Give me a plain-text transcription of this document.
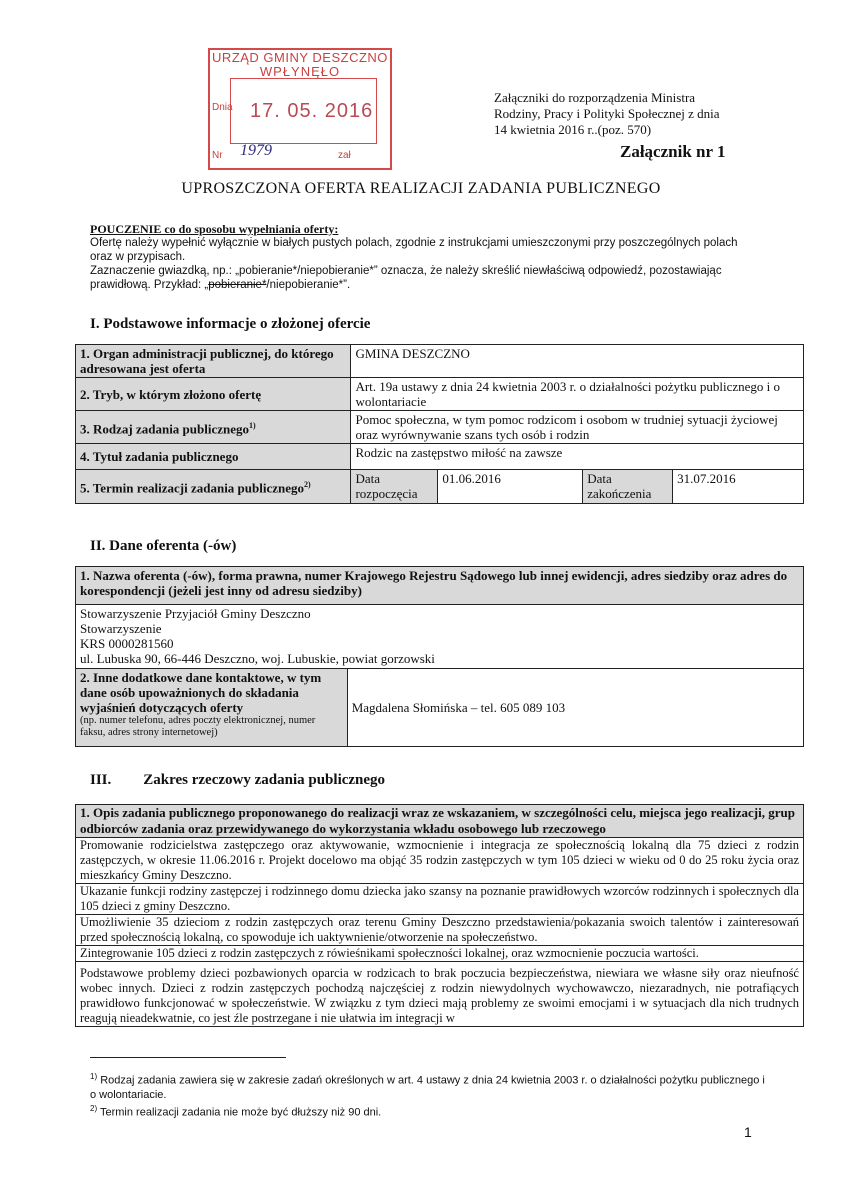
URZĄD GMINY DESZCZNO
WPŁYNĘŁO
Dnia 17. 05. 2016
Nr 1979	zał
Załączniki do rozporządzenia Ministra Rodziny, Pracy i Polityki Społecznej z dnia 14 kwietnia 2016 r..(poz. 570)
Załącznik nr 1
UPROSZCZONA OFERTA REALIZACJI ZADANIA PUBLICZNEGO
POUCZENIE co do sposobu wypełniania oferty:
Ofertę należy wypełnić wyłącznie w białych pustych polach, zgodnie z instrukcjami umieszczonymi przy poszczególnych polach oraz w przypisach.
Zaznaczenie gwiazdką, np.: „pobieranie*/niepobieranie*” oznacza, że należy skreślić niewłaściwą odpowiedź, pozostawiając prawidłową. Przykład: „pobieranie*/niepobieranie*”.
I. Podstawowe informacje o złożonej ofercie
1. Organ administracji publicznej, do którego adresowana jest oferta	GMINA DESZCZNO			
2. Tryb, w którym złożono ofertę	Art. 19a ustawy z dnia 24 kwietnia 2003 r. o działalności pożytku publicznego i o wolontariacie			
3. Rodzaj zadania publicznego$^{1)}$	Pomoc społeczna, w tym pomoc rodzicom i osobom w trudniej sytuacji życiowej oraz wyrównywanie szans tych osób i rodzin			
4. Tytuł zadania publicznego	Rodzic na zastępstwo miłość na zawsze			
5. Termin realizacji zadania publicznego$^{2)}$	Data rozpoczęcia	01.06.2016	Data zakończenia	31.07.2016
II. Dane oferenta (-ów)
1. Nazwa oferenta (-ów), forma prawna, numer Krajowego Rejestru Sądowego lub innej ewidencji, adres siedziby oraz adres do korespondencji (jeżeli jest inny od adresu siedziby)

Stowarzyszenie Przyjaciół Gminy Deszczno
Stowarzyszenie
KRS 0000281560
ul. Lubuska 90, 66-446 Deszczno, woj. Lubuskie, powiat gorzowski

2. Inne dodatkowe dane kontaktowe, w tym dane osób upoważnionych do składania wyjaśnień dotyczących oferty
(np. numer telefonu, adres poczty elektronicznej, numer faksu, adres strony internetowej)
	Magdalena Słomińska – tel. 605 089 103
III. Zakres rzeczowy zadania publicznego
1. Opis zadania publicznego proponowanego do realizacji wraz ze wskazaniem, w szczególności celu, miejsca jego realizacji, grup odbiorców zadania oraz przewidywanego do wykorzystania wkładu osobowego lub rzeczowego
Promowanie rodzicielstwa zastępczego oraz aktywowanie, wzmocnienie i integracja ze społecznością lokalną dla 75 dzieci z rodzin zastępczych, w okresie 11.06.2016 r. Projekt docelowo ma objąć 35 rodzin zastępczych w tym 105 dzieci w wieku od 0 do 25 roku życia oraz mieszkańcy Gminy Deszczno.
Ukazanie funkcji rodziny zastępczej i rodzinnego domu dziecka jako szansy na poznanie prawidłowych wzorców rodzinnych i społecznych dla 105 dzieci z gminy Deszczno.
Umożliwienie 35 dzieciom z rodzin zastępczych oraz terenu Gminy Deszczno przedstawienia/pokazania swoich talentów i zainteresowań przed społecznością lokalną, co spowoduje ich uaktywnienie/otworzenie na społeczeństwo.
Zintegrowanie 105 dzieci z rodzin zastępczych z rówieśnikami społeczności lokalnej, oraz wzmocnienie poczucia wartości.
Podstawowe problemy dzieci pozbawionych oparcia w rodzicach to brak poczucia bezpieczeństwa, niewiara we własne siły oraz nieufność wobec innych. Dzieci z rodzin zastępczych pochodzą najczęściej z rodzin niewydolnych wychowawczo, niezaradnych, nie potrafiących prawidłowo funkcjonować w społeczeństwie. W związku z tym dzieci mają problemy ze swoimi emocjami i w sytuacjach dla nich trudnych reagują nieadekwatnie, co jest źle postrzegane i nie ułatwia im integracji w
$^{1)}$ Rodzaj zadania zawiera się w zakresie zadań określonych w art. 4 ustawy z dnia 24 kwietnia 2003 r. o działalności pożytku publicznego i o wolontariacie.
$^{2)}$ Termin realizacji zadania nie może być dłuższy niż 90 dni.
1
